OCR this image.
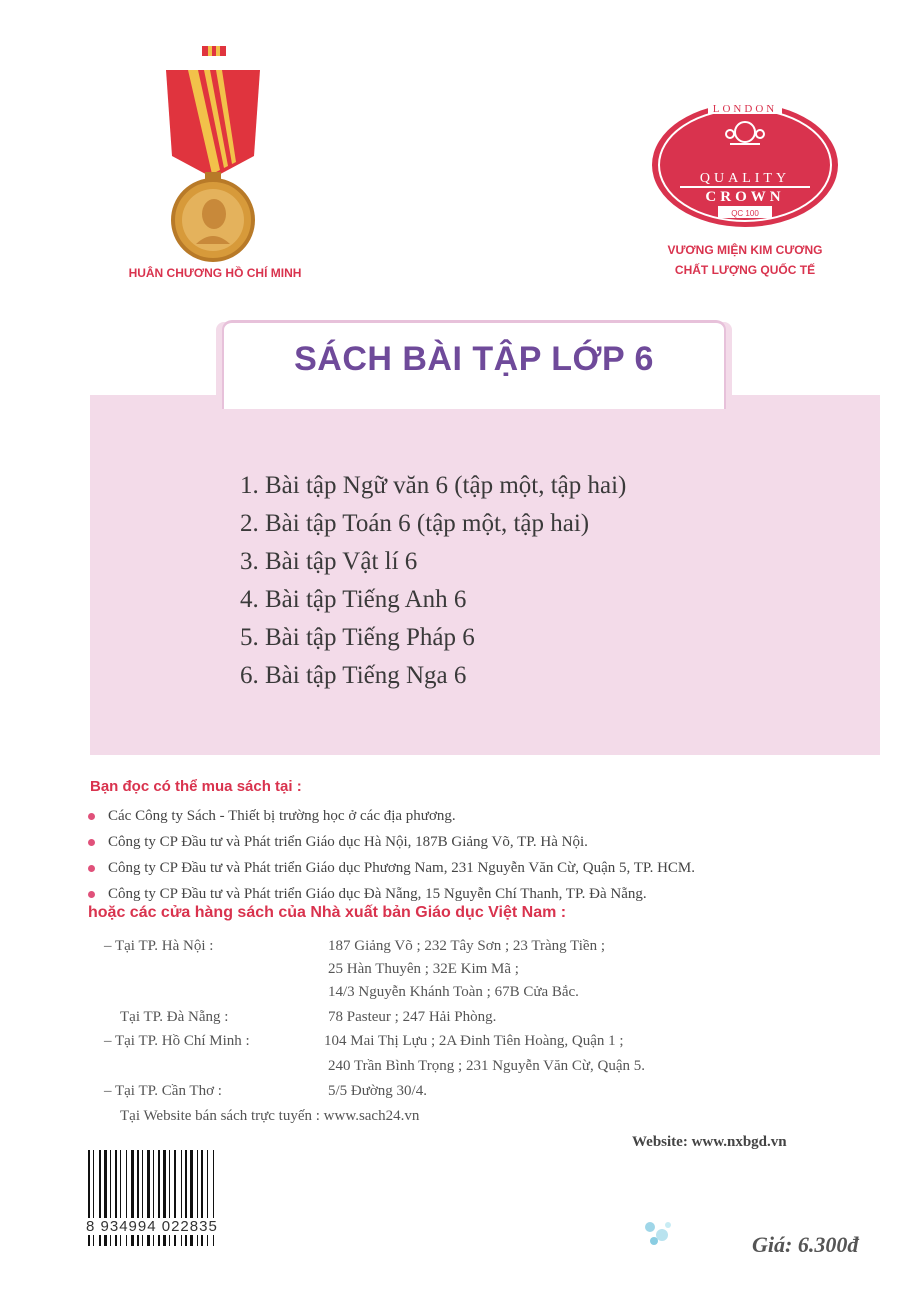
HUÂN CHƯƠNG HỒ CHÍ MINH
LONDON
QUALITY
CROWN
QC 100
VƯƠNG MIỆN KIM CƯƠNG
CHẤT LƯỢNG QUỐC TẾ
SÁCH BÀI TẬP LỚP 6
1. Bài tập Ngữ văn 6 (tập một, tập hai)
2. Bài tập Toán 6 (tập một, tập hai)
3. Bài tập Vật lí 6
4. Bài tập Tiếng Anh 6
5. Bài tập Tiếng Pháp 6
6. Bài tập Tiếng Nga 6
Bạn đọc có thể mua sách tại :
Các Công ty Sách - Thiết bị trường học ở các địa phương.
Công ty CP Đầu tư và Phát triển Giáo dục Hà Nội, 187B Giảng Võ, TP. Hà Nội.
Công ty CP Đầu tư và Phát triển Giáo dục Phương Nam, 231 Nguyễn Văn Cừ, Quận 5, TP. HCM.
Công ty CP Đầu tư và Phát triển Giáo dục Đà Nẵng, 15 Nguyễn Chí Thanh, TP. Đà Nẵng.
hoặc các cửa hàng sách của Nhà xuất bản Giáo dục Việt Nam :
– Tại TP. Hà Nội :	187 Giảng Võ ; 232 Tây Sơn ; 23 Tràng Tiền ;
25 Hàn Thuyên ; 32E Kim Mã ;
14/3 Nguyễn Khánh Toàn ; 67B Cửa Bắc.
Tại TP. Đà Nẵng :	78 Pasteur ; 247 Hải Phòng.
– Tại TP. Hồ Chí Minh :	104 Mai Thị Lựu ; 2A Đinh Tiên Hoàng, Quận 1 ;
240 Trần Bình Trọng ; 231 Nguyễn Văn Cừ, Quận 5.
– Tại TP. Cần Thơ :	5/5 Đường 30/4.
Tại Website bán sách trực tuyến : www.sach24.vn
Website: www.nxbgd.vn
8 934994 022835
Giá: 6.300đ
